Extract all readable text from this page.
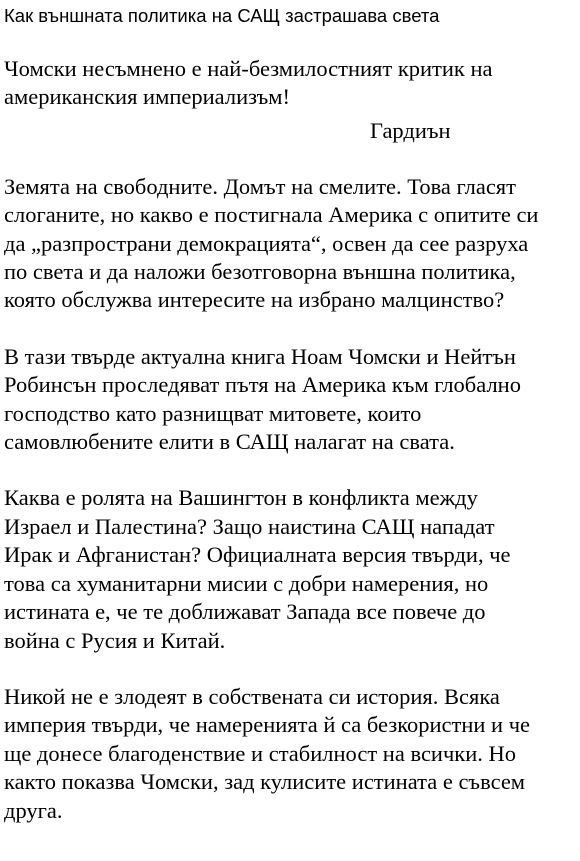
Как външната политика на САЩ застрашава света

Чомски несъмнено е най-безмилостният критик на
американския империализъм!

Гардиън

Земята на свободните. Домът на смелите. Това гласят
слоганите, но какво е постигнала Америка с опитите си
да „разпространи демокрацията“, освен да сее разруха
по света и да наложи безотговорна външна политика,
която обслужва интересите на избрано малцинство?

В тази твърде актуална книга Ноам Чомски и Нейтън
Робинсън проследяват пътя на Америка към глобално
господство като разнищват митовете, които
самовлюбените елити в САЩ налагат на свата.

Каква е ролята на Вашингтон в конфликта между
Израел и Палестина? Защо наистина САЩ нападат
Ирак и Афганистан? Официалната версия твърди, че
това са хуманитарни мисии с добри намерения, но
истината е, че те доближават Запада все повече до
война с Русия и Китай.

Никой не е злодеят в собствената си история. Всяка
империя твърди, че намеренията й са безкористни и че
ще донесе благоденствие и стабилност на всички. Но
както показва Чомски, зад кулисите истината е съвсем
друга.
